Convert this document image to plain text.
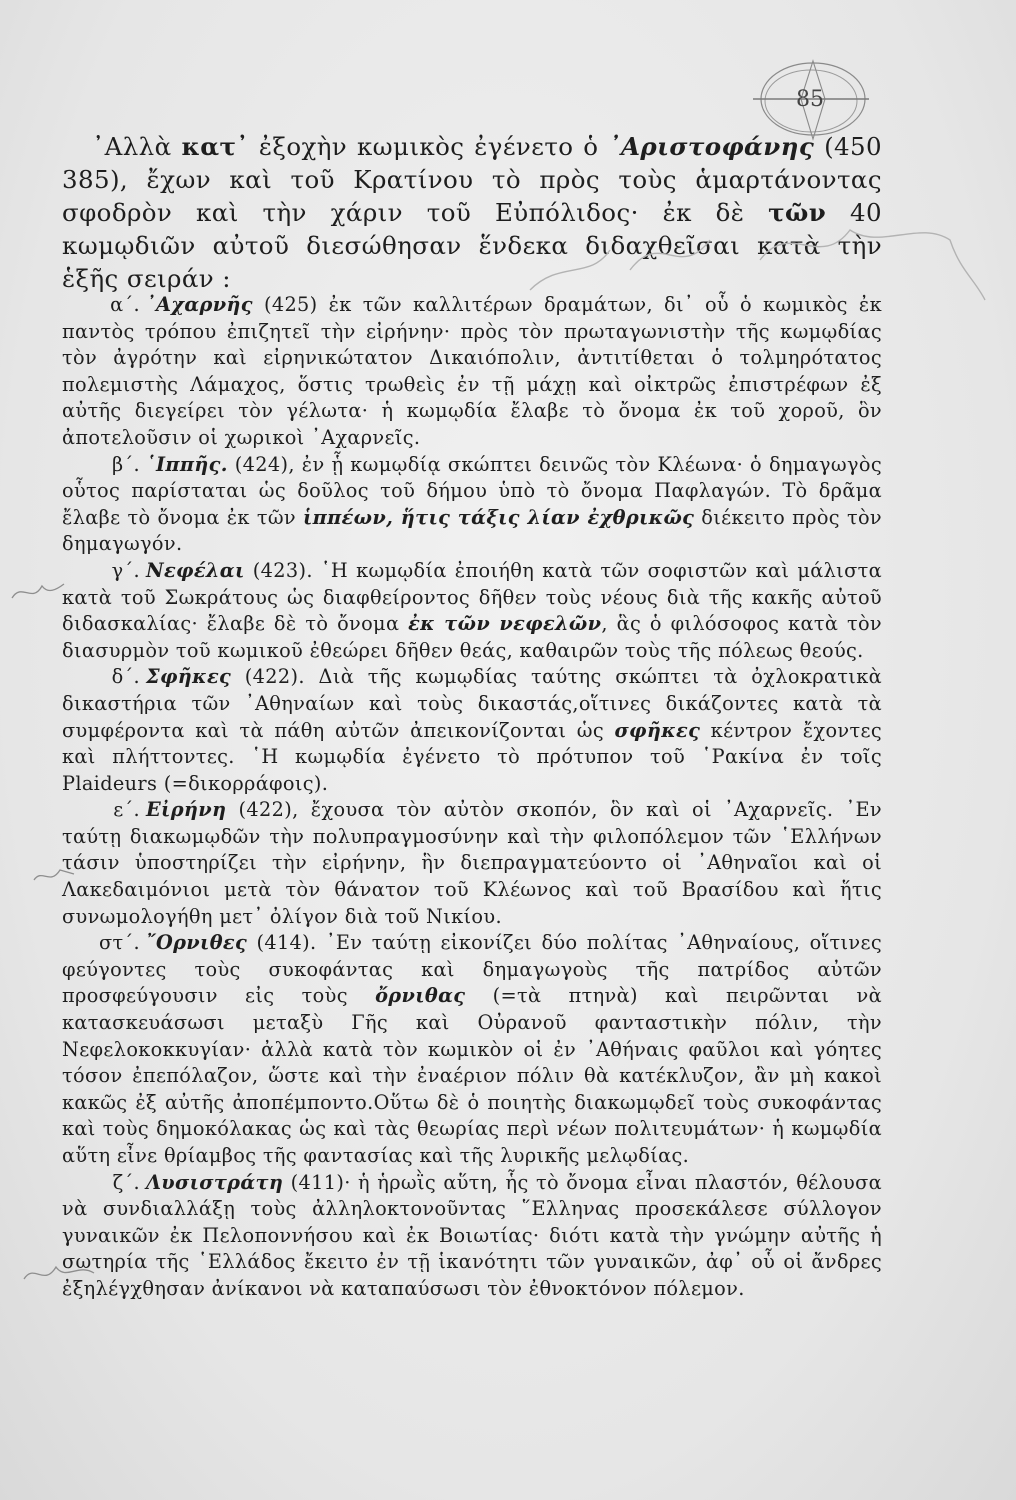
85

᾿Αλλὰ κατ᾿ ἐξοχὴν κωμικὸς ἐγένετο ὁ ᾿Αριστοφάνης (450 385), ἔχων καὶ τοῦ Κρατίνου τὸ πρὸς τοὺς ἁμαρτάνοντας σφοδρὸν καὶ τὴν χάριν τοῦ Εὐπόλιδος· ἐκ δὲ τῶν 40 κωμῳδιῶν αὐτοῦ διεσώθησαν ἕνδεκα διδαχθεῖσαι κατὰ τὴν ἑξῆς σειράν :

α΄. ᾿Αχαρνῆς (425) ἐκ τῶν καλλιτέρων δραμάτων, δι᾿ οὗ ὁ κωμικὸς ἐκ παντὸς τρόπου ἐπιζητεῖ τὴν εἰρήνην· πρὸς τὸν πρωταγωνιστὴν τῆς κωμῳδίας τὸν ἀγρότην καὶ εἰρηνικώτατον Δικαιόπολιν, ἀντιτίθεται ὁ τολμηρότατος πολεμιστὴς Λάμαχος, ὅστις τρωθεὶς ἐν τῇ μάχῃ καὶ οἰκτρῶς ἐπιστρέφων ἐξ αὐτῆς διεγείρει τὸν γέλωτα· ἡ κωμῳδία ἔλαβε τὸ ὄνομα ἐκ τοῦ χοροῦ, ὃν ἀποτελοῦσιν οἱ χωρικοὶ ᾿Αχαρνεῖς.

β΄. ῾Ιππῆς. (424), ἐν ᾗ κωμῳδίᾳ σκώπτει δεινῶς τὸν Κλέωνα· ὁ δημαγωγὸς οὗτος παρίσταται ὡς δοῦλος τοῦ δήμου ὑπὸ τὸ ὄνομα Παφλαγών. Τὸ δρᾶμα ἔλαβε τὸ ὄνομα ἐκ τῶν ἱππέων, ἥτις τάξις λίαν ἐχθρικῶς διέκειτο πρὸς τὸν δημαγωγόν.

γ΄. Νεφέλαι (423). ῾Η κωμῳδία ἐποιήθη κατὰ τῶν σοφιστῶν καὶ μάλιστα κατὰ τοῦ Σωκράτους ὡς διαφθείροντος δῆθεν τοὺς νέους διὰ τῆς κακῆς αὐτοῦ διδασκαλίας· ἔλαβε δὲ τὸ ὄνομα ἐκ τῶν νεφελῶν, ἃς ὁ φιλόσοφος κατὰ τὸν διασυρμὸν τοῦ κωμικοῦ ἐθεώρει δῆθεν θεάς, καθαιρῶν τοὺς τῆς πόλεως θεούς.

δ΄. Σφῆκες (422). Διὰ τῆς κωμῳδίας ταύτης σκώπτει τὰ ὀχλοκρατικὰ δικαστήρια τῶν ᾿Αθηναίων καὶ τοὺς δικαστάς,οἵτινες δικάζοντες κατὰ τὰ συμφέροντα καὶ τὰ πάθη αὐτῶν ἀπεικονίζονται ὡς σφῆκες κέντρον ἔχοντες καὶ πλήττοντες. ῾Η κωμῳδία ἐγένετο τὸ πρότυπον τοῦ ῾Ρακίνα ἐν τοῖς Plaideurs (=δικορράφοις).

ε΄. Εἰρήνη (422), ἔχουσα τὸν αὐτὸν σκοπόν, ὃν καὶ οἱ ᾿Αχαρνεῖς. ᾿Εν ταύτῃ διακωμῳδῶν τὴν πολυπραγμοσύνην καὶ τὴν φιλοπόλεμον τῶν ῾Ελλήνων τάσιν ὑποστηρίζει τὴν εἰρήνην, ἣν διεπραγματεύοντο οἱ ᾿Αθηναῖοι καὶ οἱ Λακεδαιμόνιοι μετὰ τὸν θάνατον τοῦ Κλέωνος καὶ τοῦ Βρασίδου καὶ ἥτις συνωμολογήθη μετ᾿ ὀλίγον διὰ τοῦ Νικίου.

στ΄. ῎Ορνιθες (414). ᾿Εν ταύτῃ εἰκονίζει δύο πολίτας ᾿Αθηναίους, οἵτινες φεύγοντες τοὺς συκοφάντας καὶ δημαγωγοὺς τῆς πατρίδος αὐτῶν προσφεύγουσιν εἰς τοὺς ὄρνιθας (=τὰ πτηνὰ) καὶ πειρῶνται νὰ κατασκευάσωσι μεταξὺ Γῆς καὶ Οὐρανοῦ φανταστικὴν πόλιν, τὴν Νεφελοκοκκυγίαν· ἀλλὰ κατὰ τὸν κωμικὸν οἱ ἐν ᾿Αθήναις φαῦλοι καὶ γόητες τόσον ἐπεπόλαζον, ὥστε καὶ τὴν ἐναέριον πόλιν θὰ κατέκλυζον, ἂν μὴ κακοὶ κακῶς ἐξ αὐτῆς ἀποπέμποντο.Οὕτω δὲ ὁ ποιητὴς διακωμῳδεῖ τοὺς συκοφάντας καὶ τοὺς δημοκόλακας ὡς καὶ τὰς θεωρίας περὶ νέων πολιτευμάτων· ἡ κωμῳδία αὕτη εἶνε θρίαμβος τῆς φαντασίας καὶ τῆς λυρικῆς μελῳδίας.

ζ΄. Λυσιστράτη (411)· ἡ ἡρωῒς αὕτη, ἧς τὸ ὄνομα εἶναι πλαστόν, θέλουσα νὰ συνδιαλλάξῃ τοὺς ἀλληλοκτονοῦντας ῞Ελληνας προσεκάλεσε σύλλογον γυναικῶν ἐκ Πελοποννήσου καὶ ἐκ Βοιωτίας· διότι κατὰ τὴν γνώμην αὐτῆς ἡ σωτηρία τῆς ῾Ελλάδος ἔκειτο ἐν τῇ ἱκανότητι τῶν γυναικῶν, ἀφ᾿ οὗ οἱ ἄνδρες ἐξηλέγχθησαν ἀνίκανοι νὰ καταπαύσωσι τὸν ἐθνοκτόνον πόλεμον.
